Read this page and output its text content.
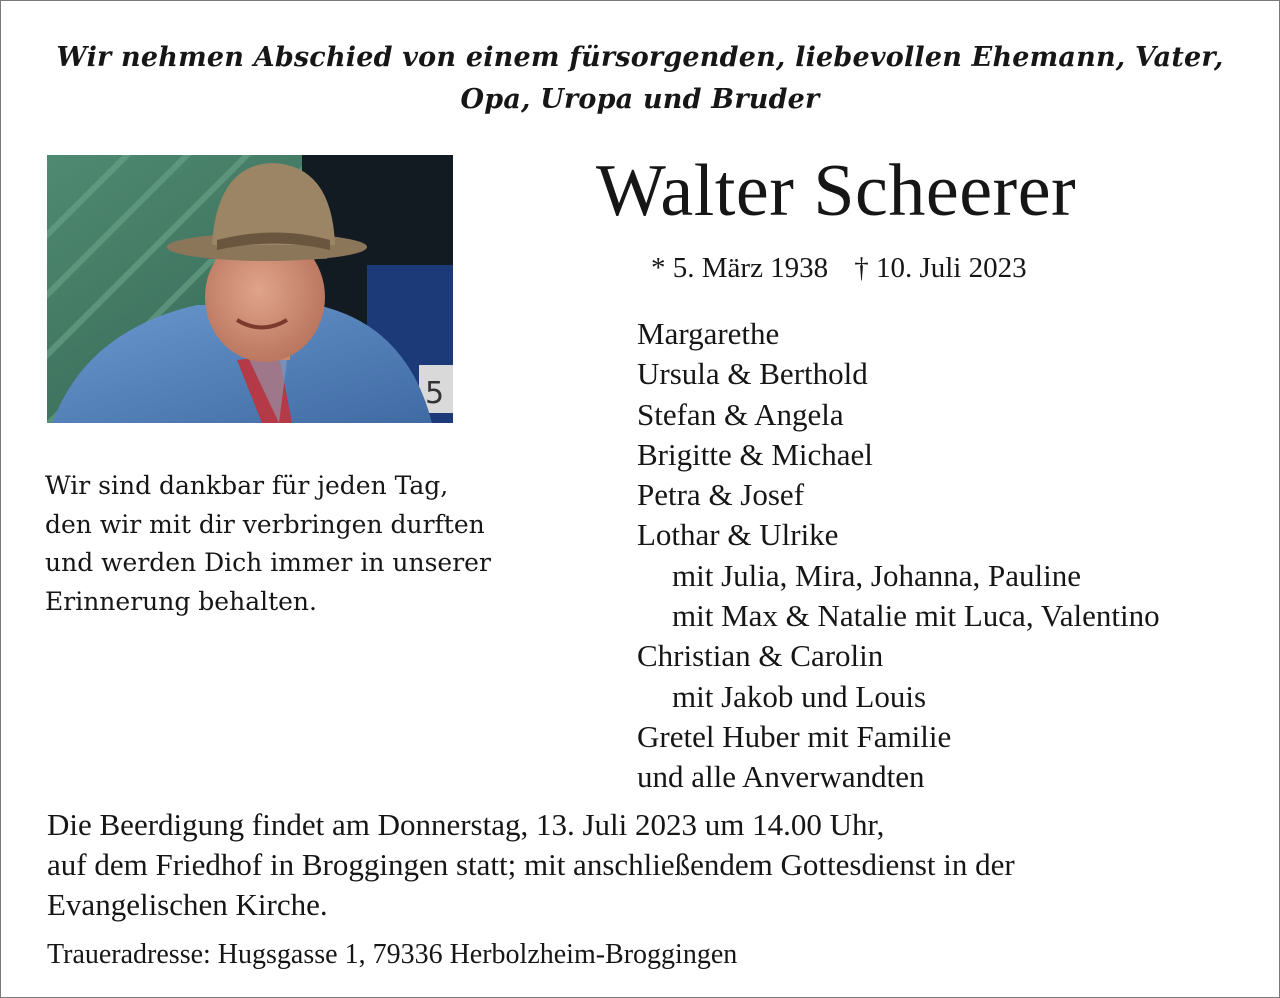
Wir nehmen Abschied von einem fürsorgenden, liebevollen Ehemann, Vater,
Opa, Uropa und Bruder
5
Walter Scheerer
* 5. März 1938 † 10. Juli 2023
Wir sind dankbar für jeden Tag,
den wir mit dir verbringen durften
und werden Dich immer in unserer
Erinnerung behalten.
Margarethe
Ursula & Berthold
Stefan & Angela
Brigitte & Michael
Petra & Josef
Lothar & Ulrike
mit Julia, Mira, Johanna, Pauline
mit Max & Natalie mit Luca, Valentino
Christian & Carolin
mit Jakob und Louis
Gretel Huber mit Familie
und alle Anverwandten
Die Beerdigung findet am Donnerstag, 13. Juli 2023 um 14.00 Uhr,
auf dem Friedhof in Broggingen statt; mit anschließendem Gottesdienst in der
Evangelischen Kirche.
Traueradresse: Hugsgasse 1, 79336 Herbolzheim-Broggingen
